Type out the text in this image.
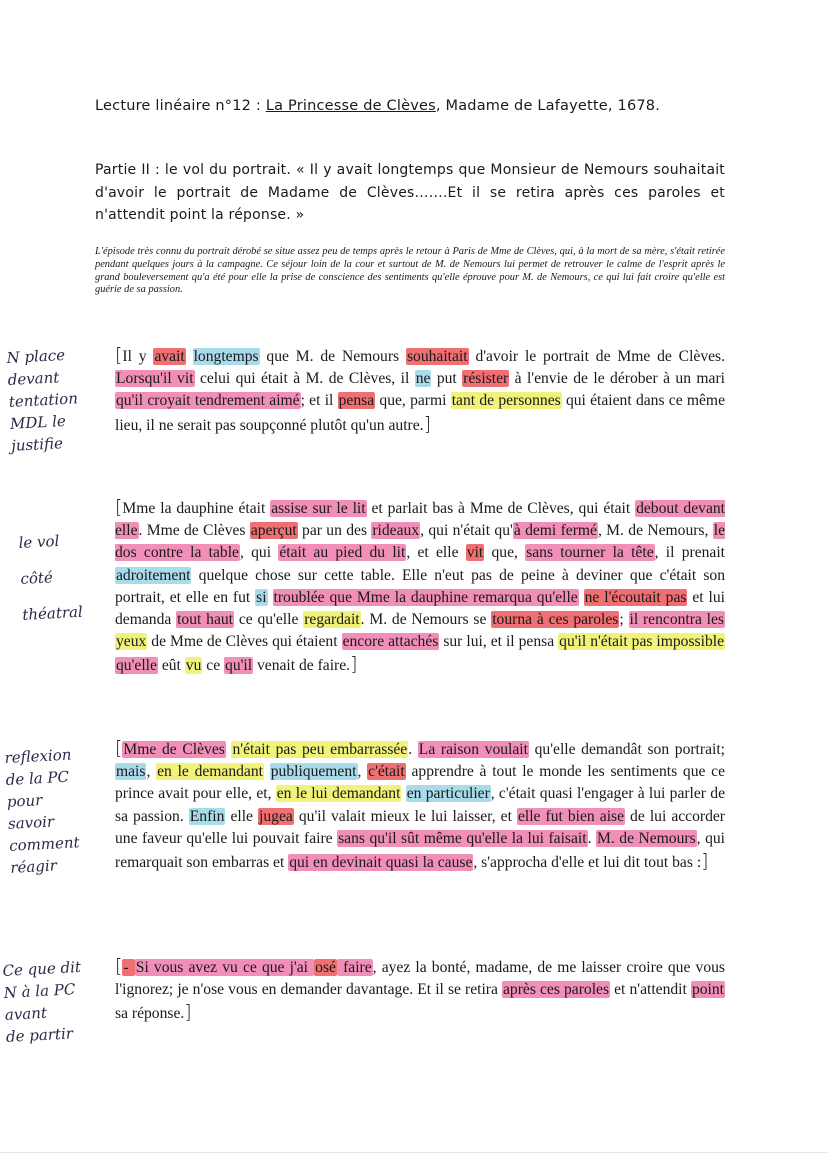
Lecture linéaire n°12 : La Princesse de Clèves, Madame de Lafayette, 1678.
Partie II : le vol du portrait. « Il y avait longtemps que Monsieur de Nemours souhaitait d'avoir le portrait de Madame de Clèves…….Et il se retira après ces paroles et n'attendit point la réponse. »
L'épisode très connu du portrait dérobé se situe assez peu de temps après le retour à Paris de Mme de Clèves, qui, à la mort de sa mère, s'était retirée pendant quelques jours à la campagne. Ce séjour loin de la cour et surtout de M. de Nemours lui permet de retrouver le calme de l'esprit après le grand bouleversement qu'a été pour elle la prise de conscience des sentiments qu'elle éprouve pour M. de Nemours, ce qui lui fait croire qu'elle est guérie de sa passion.
N place
devant
tentation
MDL le
justifie
le vol
côté
théatral
reflexion
de la PC
pour
savoir
comment
réagir
Ce que dit
N à la PC
avant
de partir
[Il y avait longtemps que M. de Nemours souhaitait d'avoir le portrait de Mme de Clèves. Lorsqu'il vit celui qui était à M. de Clèves, il ne put résister à l'envie de le dérober à un mari qu'il croyait tendrement aimé; et il pensa que, parmi tant de personnes qui étaient dans ce même lieu, il ne serait pas soupçonné plutôt qu'un autre.]
[Mme la dauphine était assise sur le lit et parlait bas à Mme de Clèves, qui était debout devant elle. Mme de Clèves aperçut par un des rideaux, qui n'était qu'à demi fermé, M. de Nemours, le dos contre la table, qui était au pied du lit, et elle vit que, sans tourner la tête, il prenait adroitement quelque chose sur cette table. Elle n'eut pas de peine à deviner que c'était son portrait, et elle en fut si troublée que Mme la dauphine remarqua qu'elle ne l'écoutait pas et lui demanda tout haut ce qu'elle regardait. M. de Nemours se tourna à ces paroles; il rencontra les yeux de Mme de Clèves qui étaient encore attachés sur lui, et il pensa qu'il n'était pas impossible qu'elle eût vu ce qu'il venait de faire.]
[Mme de Clèves n'était pas peu embarrassée. La raison voulait qu'elle demandât son portrait; mais, en le demandant publiquement, c'était apprendre à tout le monde les sentiments que ce prince avait pour elle, et, en le lui demandant en particulier, c'était quasi l'engager à lui parler de sa passion. Enfin elle jugea qu'il valait mieux le lui laisser, et elle fut bien aise de lui accorder une faveur qu'elle lui pouvait faire sans qu'il sût même qu'elle la lui faisait. M. de Nemours, qui remarquait son embarras et qui en devinait quasi la cause, s'approcha d'elle et lui dit tout bas :]
[- Si vous avez vu ce que j'ai osé faire, ayez la bonté, madame, de me laisser croire que vous l'ignorez; je n'ose vous en demander davantage. Et il se retira après ces paroles et n'attendit point sa réponse.]
